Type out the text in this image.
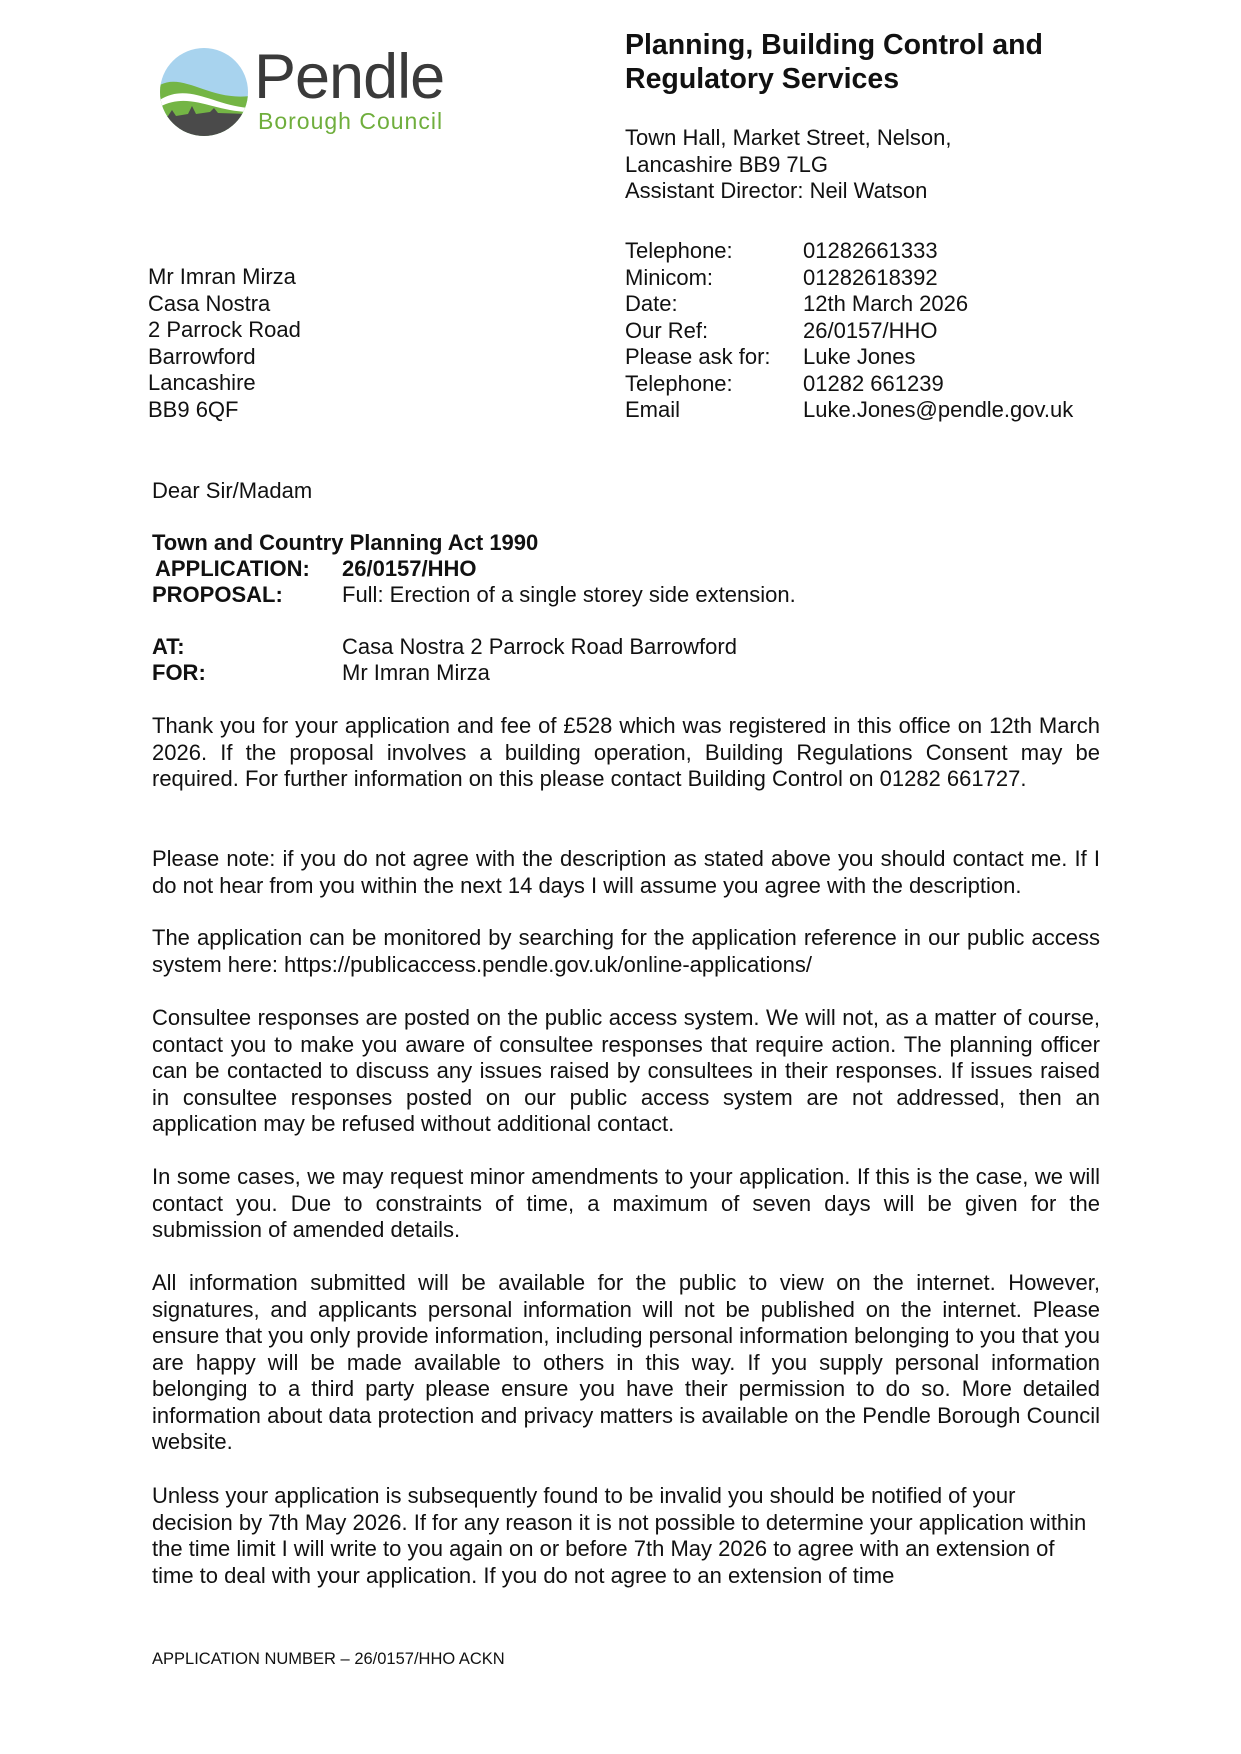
Pendle
Borough Council
Planning, Building Control and Regulatory Services
Town Hall, Market Street, Nelson,
Lancashire BB9 7LG
Assistant Director: Neil Watson
Mr Imran Mirza
Casa Nostra
2 Parrock Road
Barrowford
Lancashire
BB9 6QF
Telephone:	01282661333
Minicom:	01282618392
Date:	12th March 2026
Our Ref:	26/0157/HHO
Please ask for:	Luke Jones
Telephone:	01282 661239
Email	Luke.Jones@pendle.gov.uk
Dear Sir/Madam
Town and Country Planning Act 1990
APPLICATION:	26/0157/HHO
PROPOSAL:	Full: Erection of a single storey side extension.
AT:	Casa Nostra 2 Parrock Road Barrowford
FOR:	Mr Imran Mirza

Thank you for your application and fee of £528 which was registered in this office on 12th March 2026. If the proposal involves a building operation, Building Regulations Consent may be required. For further information on this please contact Building Control on 01282 661727.

Please note: if you do not agree with the description as stated above you should contact me. If I do not hear from you within the next 14 days I will assume you agree with the description.

The application can be monitored by searching for the application reference in our public access system here: https://publicaccess.pendle.gov.uk/online-applications/

Consultee responses are posted on the public access system. We will not, as a matter of course, contact you to make you aware of consultee responses that require action. The planning officer can be contacted to discuss any issues raised by consultees in their responses. If issues raised in consultee responses posted on our public access system are not addressed, then an application may be refused without additional contact.

In some cases, we may request minor amendments to your application. If this is the case, we will contact you. Due to constraints of time, a maximum of seven days will be given for the submission of amended details.

All information submitted will be available for the public to view on the internet. However, signatures, and applicants personal information will not be published on the internet. Please ensure that you only provide information, including personal information belonging to you that you are happy will be made available to others in this way. If you supply personal information belonging to a third party please ensure you have their permission to do so. More detailed information about data protection and privacy matters is available on the Pendle Borough Council website.

Unless your application is subsequently found to be invalid you should be notified of your decision by 7th May 2026. If for any reason it is not possible to determine your application within the time limit I will write to you again on or before 7th May 2026 to agree with an extension of time to deal with your application. If you do not agree to an extension of time

APPLICATION NUMBER – 26/0157/HHO ACKN
